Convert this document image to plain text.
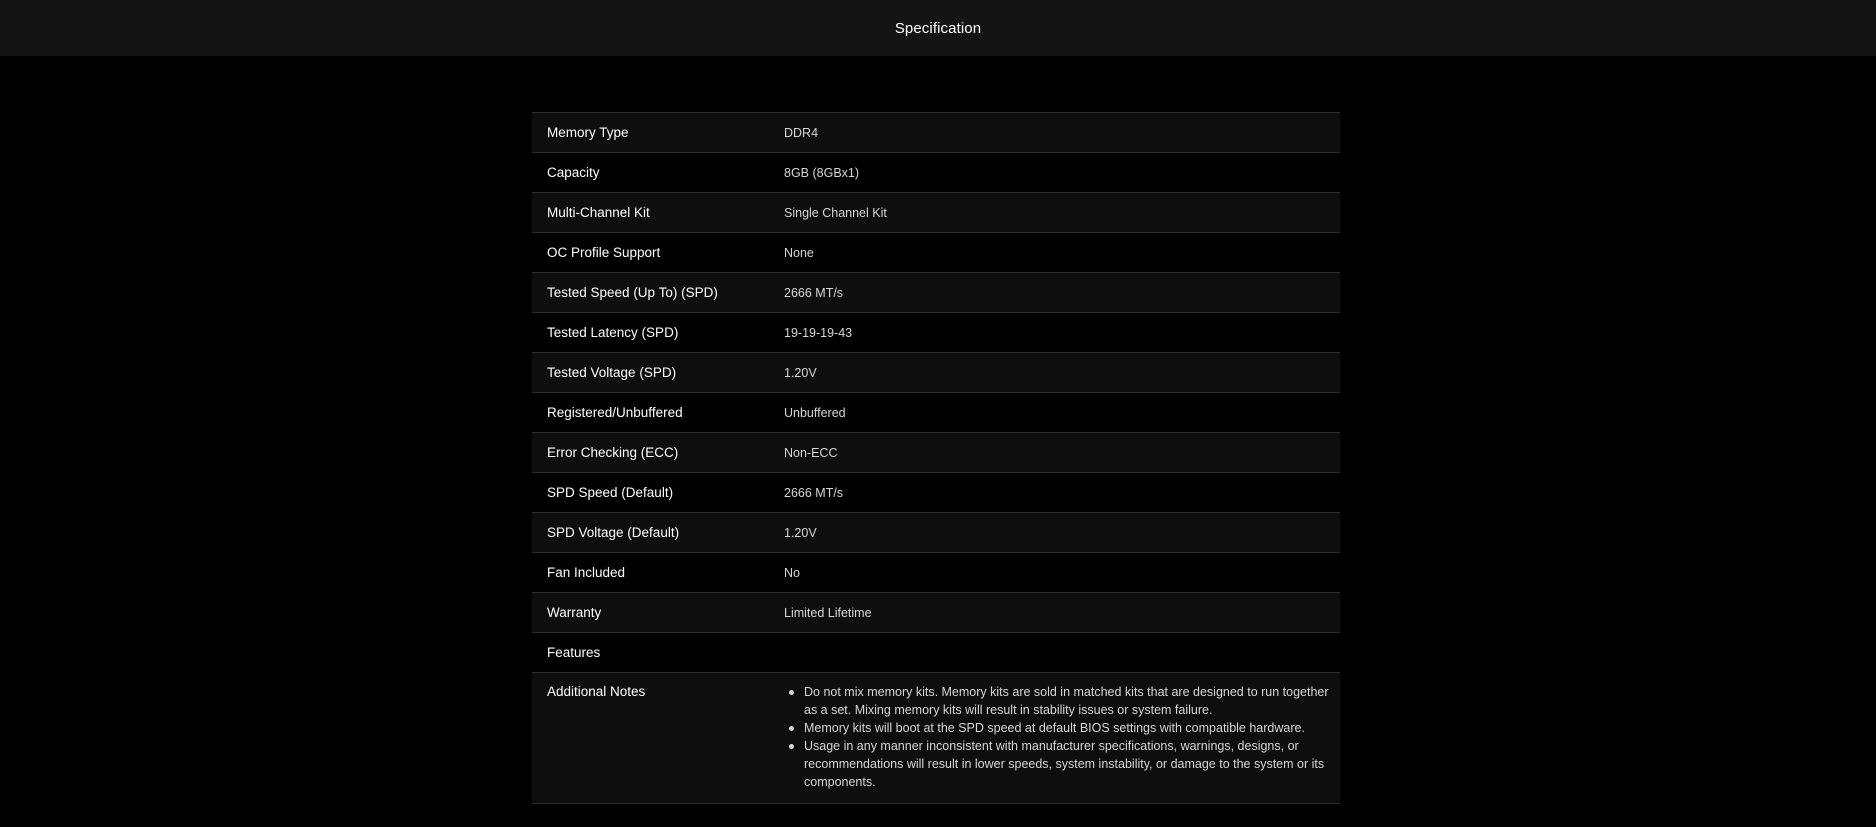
Specification
Memory Type	DDR4
Capacity	8GB (8GBx1)
Multi-Channel Kit	Single Channel Kit
OC Profile Support	None
Tested Speed (Up To) (SPD)	2666 MT/s
Tested Latency (SPD)	19-19-19-43
Tested Voltage (SPD)	1.20V
Registered/Unbuffered	Unbuffered
Error Checking (ECC)	Non-ECC
SPD Speed (Default)	2666 MT/s
SPD Voltage (Default)	1.20V
Fan Included	No
Warranty	Limited Lifetime
Features
Additional Notes	Do not mix memory kits. Memory kits are sold in matched kits that are designed to run together as a set. Mixing memory kits will result in stability issues or system failure.
Memory kits will boot at the SPD speed at default BIOS settings with compatible hardware.
Usage in any manner inconsistent with manufacturer specifications, warnings, designs, or recommendations will result in lower speeds, system instability, or damage to the system or its components.
